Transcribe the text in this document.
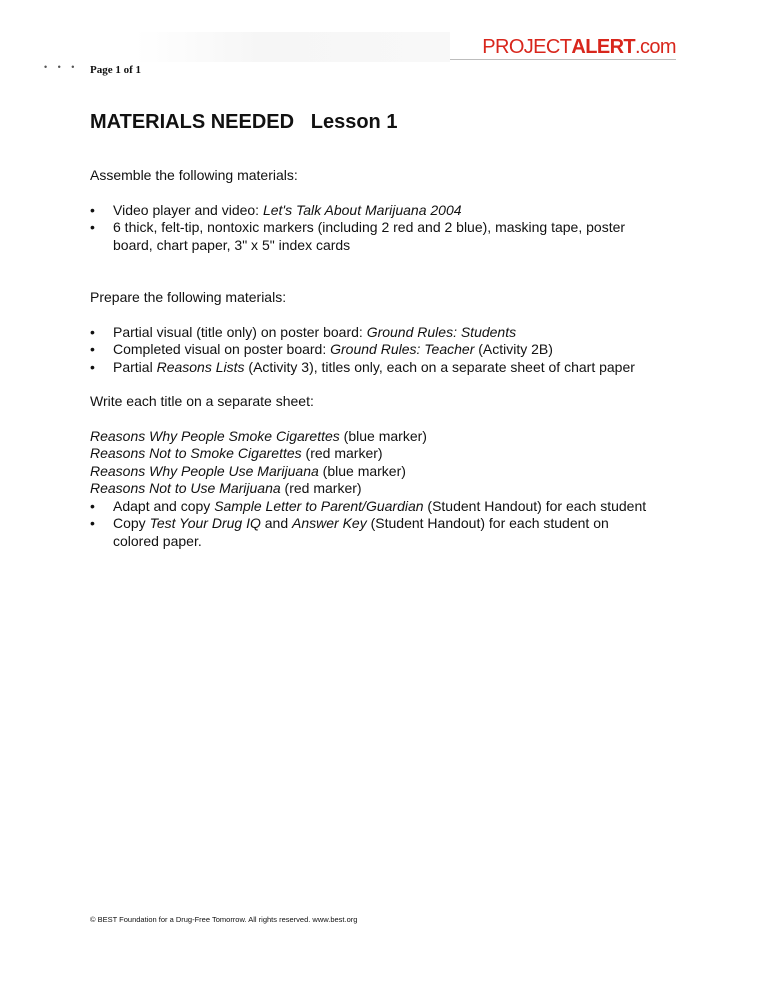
• • • Page 1 of 1
PROJECTALERT.com
MATERIALS NEEDED   Lesson 1

Assemble the following materials:

• Video player and video: Let's Talk About Marijuana 2004
• 6 thick, felt-tip, nontoxic markers (including 2 red and 2 blue), masking tape, poster board, chart paper, 3" x 5" index cards

Prepare the following materials:

• Partial visual (title only) on poster board: Ground Rules: Students
• Completed visual on poster board: Ground Rules: Teacher (Activity 2B)
• Partial Reasons Lists (Activity 3), titles only, each on a separate sheet of chart paper

Write each title on a separate sheet:

Reasons Why People Smoke Cigarettes (blue marker)

Reasons Not to Smoke Cigarettes (red marker)

Reasons Why People Use Marijuana (blue marker)

Reasons Not to Use Marijuana (red marker)

• Adapt and copy Sample Letter to Parent/Guardian (Student Handout) for each student
• Copy Test Your Drug IQ and Answer Key (Student Handout) for each student on colored paper.
© BEST Foundation for a Drug-Free Tomorrow. All rights reserved. www.best.org
